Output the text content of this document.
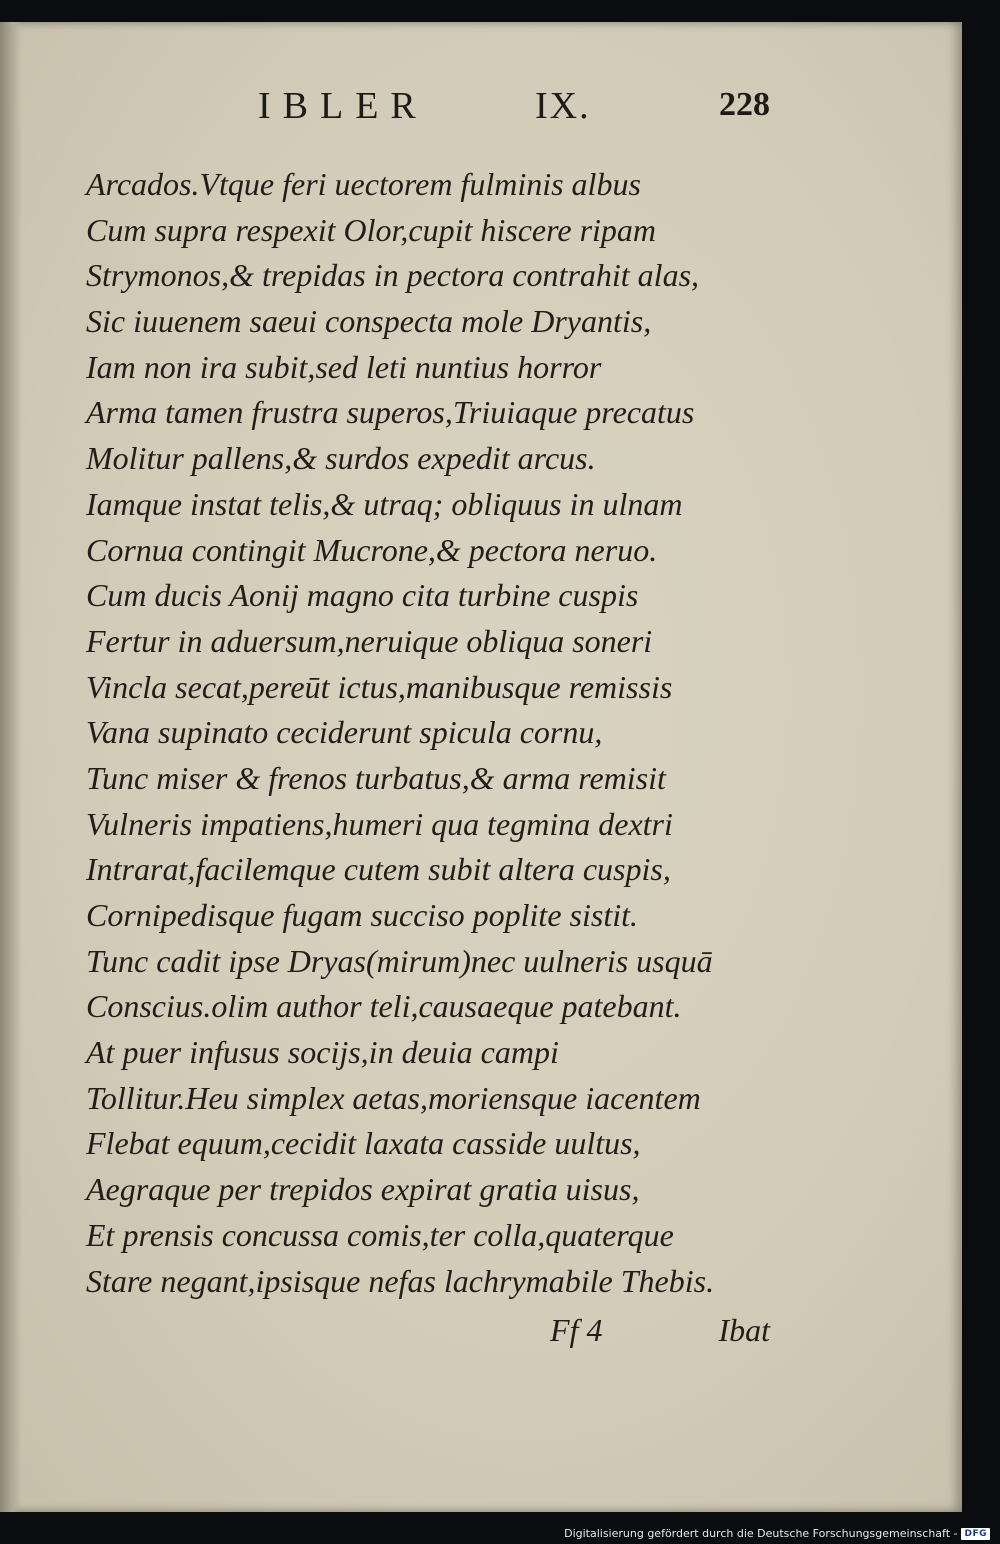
IBLER	IX.	228
Arcados.Vtque feri uectorem fulminis albus
Cum supra respexit Olor,cupit hiscere ripam
Strymonos,& trepidas in pectora contrahit alas,
Sic iuuenem saeui conspecta mole Dryantis,
Iam non ira subit,sed leti nuntius horror
Arma tamen frustra superos,Triuiaque precatus
Molitur pallens,& surdos expedit arcus.
Iamque instat telis,& utraq; obliquus in ulnam
Cornua contingit Mucrone,& pectora neruo.
Cum ducis Aonij magno cita turbine cuspis
Fertur in aduersum,neruique obliqua soneri
Vincla secat,pereūt ictus,manibusque remissis
Vana supinato ceciderunt spicula cornu,
Tunc miser & frenos turbatus,& arma remisit
Vulneris impatiens,humeri qua tegmina dextri
Intrarat,facilemque cutem subit altera cuspis,
Cornipedisque fugam succiso poplite sistit.
Tunc cadit ipse Dryas(mirum)nec uulneris usquā
Conscius.olim author teli,causaeque patebant.
At puer infusus socijs,in deuia campi
Tollitur.Heu simplex aetas,moriensque iacentem
Flebat equum,cecidit laxata casside uultus,
Aegraque per trepidos expirat gratia uisus,
Et prensis concussa comis,ter colla,quaterque
Stare negant,ipsisque nefas lachrymabile Thebis.
Ff 4	Ibat
Digitalisierung gefördert durch die Deutsche Forschungsgemeinschaft - DFG
